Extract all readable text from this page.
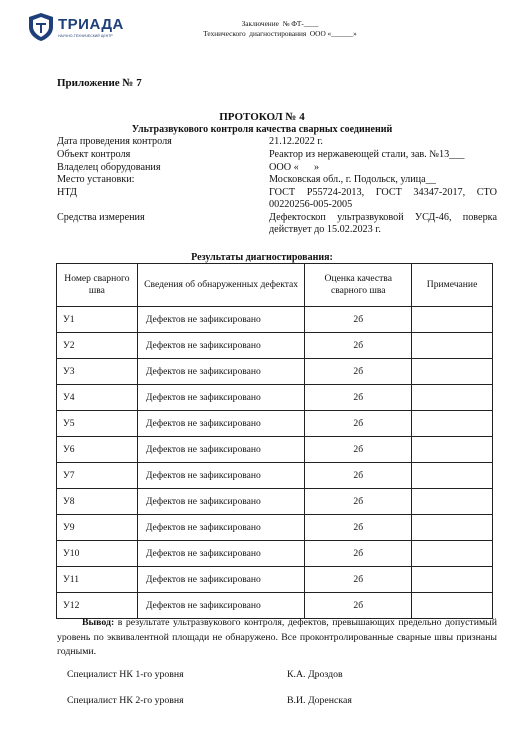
ТРИАДА
НАУЧНО-ТЕХНИЧЕСКИЙ ЦЕНТР
Заключение  № ФТ-____
Технического  диагностирования  ООО «______»
Приложение № 7
ПРОТОКОЛ № 4
Ультразвукового контроля качества сварных соединений
Дата проведения контроля	21.12.2022 г.
Объект контроля	Реактор из нержавеющей стали, зав. №13___
Владелец оборудования	ООО «      »
Место установки:	Московская обл., г. Подольск, улица__
НТД	ГОСТ Р55724-2013, ГОСТ 34347-2017, СТО 00220256-005-2005
Средства измерения	Дефектоскоп ультразвуковой УСД-46, поверка действует до 15.02.2023 г.
Результаты диагностирования:
Номер сварного шва	Сведения об обнаруженных дефектах	Оценка качества сварного шва	Примечание
У1	Дефектов не зафиксировано	2б	
У2	Дефектов не зафиксировано	2б	
У3	Дефектов не зафиксировано	2б	
У4	Дефектов не зафиксировано	2б	
У5	Дефектов не зафиксировано	2б	
У6	Дефектов не зафиксировано	2б	
У7	Дефектов не зафиксировано	2б	
У8	Дефектов не зафиксировано	2б	
У9	Дефектов не зафиксировано	2б	
У10	Дефектов не зафиксировано	2б	
У11	Дефектов не зафиксировано	2б	
У12	Дефектов не зафиксировано	2б	
Вывод: в результате ультразвукового контроля, дефектов, превышающих предельно допустимый уровень по эквивалентной площади не обнаружено. Все проконтролированные сварные швы признаны годными.
Специалист НК 1-го уровня	К.А. Дроздов
Специалист НК 2-го уровня	В.И. Доренская
